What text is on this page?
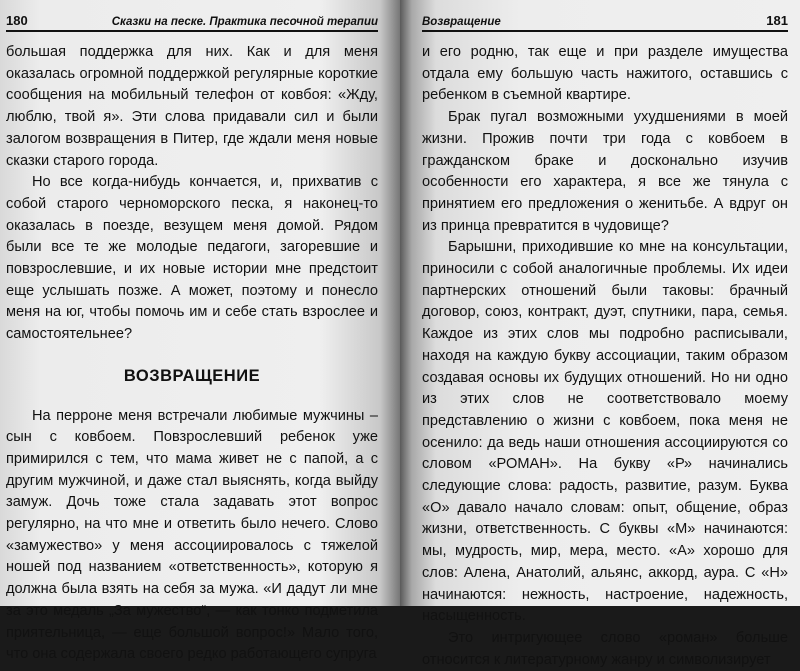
180	Сказки на песке. Практика песочной терапии

большая поддержка для них. Как и для меня оказалась огромной поддержкой регулярные короткие сообщения на мобильный телефон от ковбоя: «Жду, люблю, твой я». Эти слова придавали сил и были залогом возвращения в Питер, где ждали меня новые сказки старого города.

Но все когда-нибудь кончается, и, прихватив с собой старого черноморского песка, я наконец-то оказалась в поезде, везущем меня домой. Рядом были все те же молодые педагоги, загоревшие и повзрослевшие, и их новые истории мне предстоит еще услышать позже. А может, поэтому и понесло меня на юг, чтобы помочь им и себе стать взрослее и самостоятельнее?

ВОЗВРАЩЕНИЕ

На перроне меня встречали любимые мужчины – сын с ковбоем. Повзрослевший ребенок уже примирился с тем, что мама живет не с папой, а с другим мужчиной, и даже стал выяснять, когда выйду замуж. Дочь тоже стала задавать этот вопрос регулярно, на что мне и ответить было нечего. Слово «замужество» у меня ассоциировалось с тяжелой ношей под названием «ответственность», которую я должна была взять на себя за мужа. «И дадут ли мне за это медаль „За мужество“, — как тонко подметила приятельница, — еще большой вопрос!» Мало того, что она содержала своего редко работающего супруга

Возвращение	181

и его родню, так еще и при разделе имущества отдала ему большую часть нажитого, оставшись с ребенком в съемной квартире.

Брак пугал возможными ухудшениями в моей жизни. Прожив почти три года с ковбоем в гражданском браке и досконально изучив особенности его характера, я все же тянула с принятием его предложения о женитьбе. А вдруг он из принца превратится в чудовище?

Барышни, приходившие ко мне на консультации, приносили с собой аналогичные проблемы. Их идеи партнерских отношений были таковы: брачный договор, союз, контракт, дуэт, спутники, пара, семья. Каждое из этих слов мы подробно расписывали, находя на каждую букву ассоциации, таким образом создавая основы их будущих отношений. Но ни одно из этих слов не соответствовало моему представлению о жизни с ковбоем, пока меня не осенило: да ведь наши отношения ассоциируются со словом «РОМАН». На букву «Р» начинались следующие слова: радость, развитие, разум. Буква «О» давало начало словам: опыт, общение, образ жизни, ответственность. С буквы «М» начинаются: мы, мудрость, мир, мера, место. «А» хорошо для слов: Алена, Анатолий, альянс, аккорд, аура. С «Н» начинаются: нежность, настроение, надежность, насыщенность.

Это интригующее слово «роман» больше относится к литературному жанру и символизирует
